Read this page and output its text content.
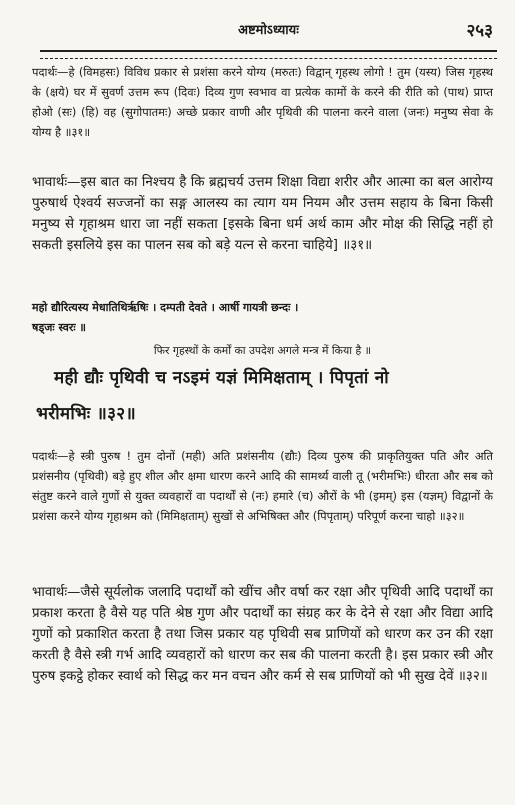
अष्टमोऽध्यायः	२५३

पदार्थः—हे (विमहसः) विविध प्रकार से प्रशंसा करने योग्य (मरुतः) विद्वान् गृहस्थ लोगो ! तुम (यस्य) जिस गृहस्थ के (क्षये) घर में सुवर्ण उत्तम रूप (दिवः) दिव्य गुण स्वभाव वा प्रत्येक कामों के करने की रीति को (पाथ) प्राप्त होओ (सः) (हि) वह (सुगोपातमः) अच्छे प्रकार वाणी और पृथिवी की पालना करने वाला (जनः) मनुष्य सेवा के योग्य है ॥३१॥

भावार्थः—इस बात का निश्चय है कि ब्रह्मचर्य उत्तम शिक्षा विद्या शरीर और आत्मा का बल आरोग्य पुरुषार्थ ऐश्वर्य सज्जनों का सङ्ग आलस्य का त्याग यम नियम और उत्तम सहाय के बिना किसी मनुष्य से गृहाश्रम धारा जा नहीं सकता [इसके बिना धर्म अर्थ काम और मोक्ष की सिद्धि नहीं हो सकती इसलिये इस का पालन सब को बड़े यत्न से करना चाहिये] ॥३१॥

महो द्यौरित्यस्य मेधातिथिर्ऋषिः । दम्पती देवते । आर्षी गायत्री छन्दः ।

षड्जः स्वरः ॥

फिर गृहस्थों के कर्मों का उपदेश अगले मन्त्र में किया है ॥

मही द्यौः पृथिवी च नऽइमं यज्ञं मिमिक्षताम् । पिपृतां नो

भरीमभिः ॥३२॥

पदार्थः—हे स्त्री पुरुष ! तुम दोनों (मही) अति प्रशंसनीय (द्यौः) दिव्य पुरुष की प्राकृतियुक्त पति और अति प्रशंसनीय (पृथिवी) बड़े हुए शील और क्षमा धारण करने आदि की सामर्थ्य वाली तू (भरीमभिः) धीरता और सब को संतुष्ट करने वाले गुणों से युक्त व्यवहारों वा पदार्थों से (नः) हमारे (च) औरों के भी (इमम्) इस (यज्ञम्) विद्वानों के प्रशंसा करने योग्य गृहाश्रम को (मिमिक्षताम्) सुखों से अभिषिक्त और (पिपृताम्) परिपूर्ण करना चाहो ॥३२॥

भावार्थः—जैसे सूर्यलोक जलादि पदार्थों को खींच और वर्षा कर रक्षा और पृथिवी आदि पदार्थों का प्रकाश करता है वैसे यह पति श्रेष्ठ गुण और पदार्थों का संग्रह कर के देने से रक्षा और विद्या आदि गुणों को प्रकाशित करता है तथा जिस प्रकार यह पृथिवी सब प्राणियों को धारण कर उन की रक्षा करती है वैसे स्त्री गर्भ आदि व्यवहारों को धारण कर सब की पालना करती है। इस प्रकार स्त्री और पुरुष इकट्ठे होकर स्वार्थ को सिद्ध कर मन वचन और कर्म से सब प्राणियों को भी सुख देवें ॥३२॥
